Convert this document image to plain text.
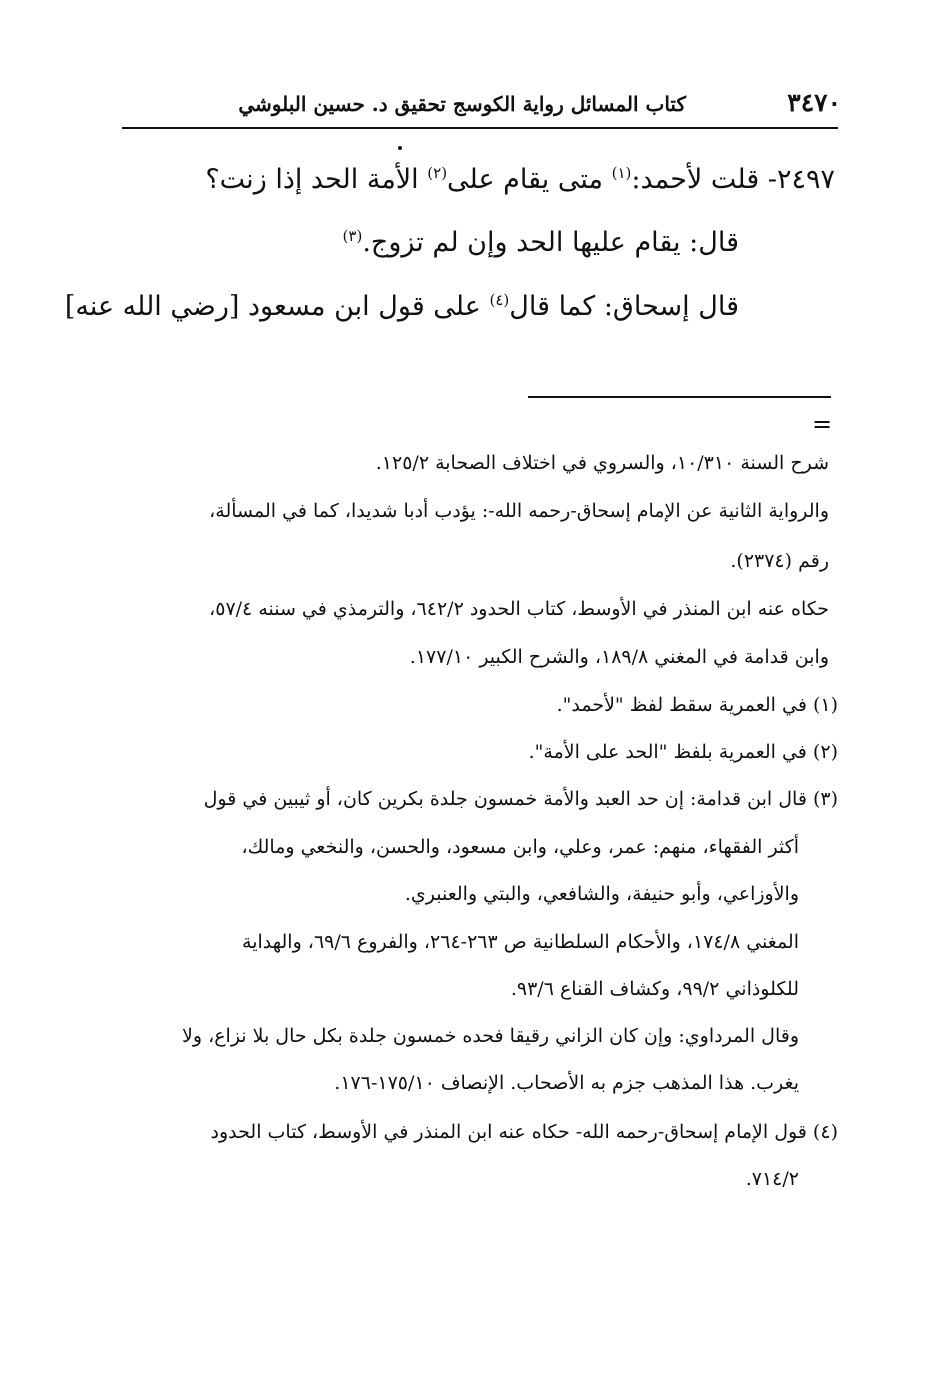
٣٤٧٠
كتاب المسائل رواية الكوسج تحقيق د. حسين البلوشي
٢٤٩٧- قلت لأحمد:$^{(١)}$ متى يقام على$^{(٢)}$ الأمة الحد إذا زنت؟
قال: يقام عليها الحد وإن لم تزوج.$^{(٣)}$
قال إسحاق: كما قال$^{(٤)}$ على قول ابن مسعود [رضي الله عنه]
=
شرح السنة ١٠/٣١٠، والسروي في اختلاف الصحابة ١٢٥/٢.
والرواية الثانية عن الإمام إسحاق-رحمه الله-: يؤدب أدبا شديدا، كما في المسألة،
رقم (٢٣٧٤).
حكاه عنه ابن المنذر في الأوسط، كتاب الحدود ٦٤٢/٢، والترمذي في سننه ٥٧/٤،
وابن قدامة في المغني ١٨٩/٨، والشرح الكبير ١٧٧/١٠.
(١) في العمرية سقط لفظ "لأحمد".
(٢) في العمرية بلفظ "الحد على الأمة".
(٣) قال ابن قدامة: إن حد العبد والأمة خمسون جلدة بكرين كان، أو ثيبين في قول
أكثر الفقهاء، منهم: عمر، وعلي، وابن مسعود، والحسن، والنخعي ومالك،
والأوزاعي، وأبو حنيفة، والشافعي، والبتي والعنبري.
المغني ١٧٤/٨، والأحكام السلطانية ص ٢٦٣-٢٦٤، والفروع ٦٩/٦، والهداية
للكلوذاني ٩٩/٢، وكشاف القناع ٩٣/٦.
وقال المرداوي: وإن كان الزاني رقيقا فحده خمسون جلدة بكل حال بلا نزاع، ولا
يغرب. هذا المذهب جزم به الأصحاب. الإنصاف ١٧٥/١٠-١٧٦.
(٤) قول الإمام إسحاق-رحمه الله- حكاه عنه ابن المنذر في الأوسط، كتاب الحدود
٧١٤/٢.
